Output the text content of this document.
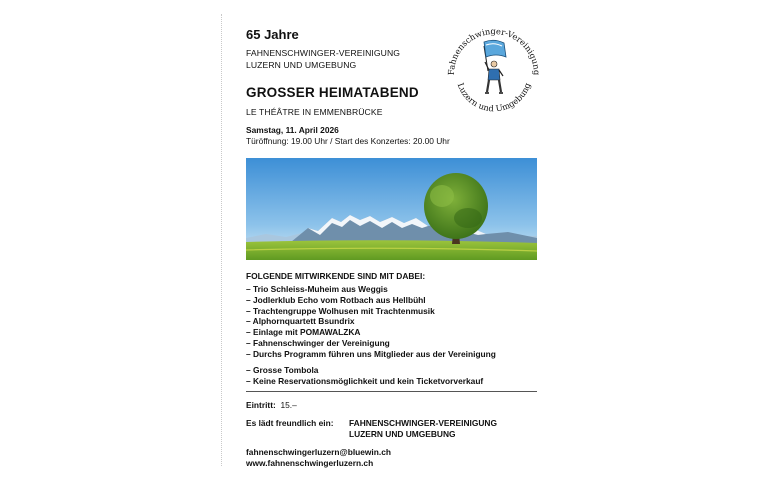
65 Jahre
FAHNENSCHWINGER-VEREINIGUNG
LUZERN UND UMGEBUNG
Fahnenschwinger-Vereinigung
Luzern und Umgebung
GROSSER HEIMATABEND
LE THÉÂTRE IN EMMENBRÜCKE
Samstag, 11. April 2026
Türöffnung: 19.00 Uhr / Start des Konzertes: 20.00 Uhr
FOLGENDE MITWIRKENDE SIND MIT DABEI:
– Trio Schleiss-Muheim aus Weggis
– Jodlerklub Echo vom Rotbach aus Hellbühl
– Trachtengruppe Wolhusen mit Trachtenmusik
– Alphornquartett Bsundrix
– Einlage mit POMAWALZKA
– Fahnenschwinger der Vereinigung
– Durchs Programm führen uns Mitglieder aus der Vereinigung
– Grosse Tombola
– Keine Reservationsmöglichkeit und kein Ticketvorverkauf
Eintritt: 15.–
Es lädt freundlich ein: FAHNENSCHWINGER-VEREINIGUNG
LUZERN UND UMGEBUNG
fahnenschwingerluzern@bluewin.ch
www.fahnenschwingerluzern.ch
